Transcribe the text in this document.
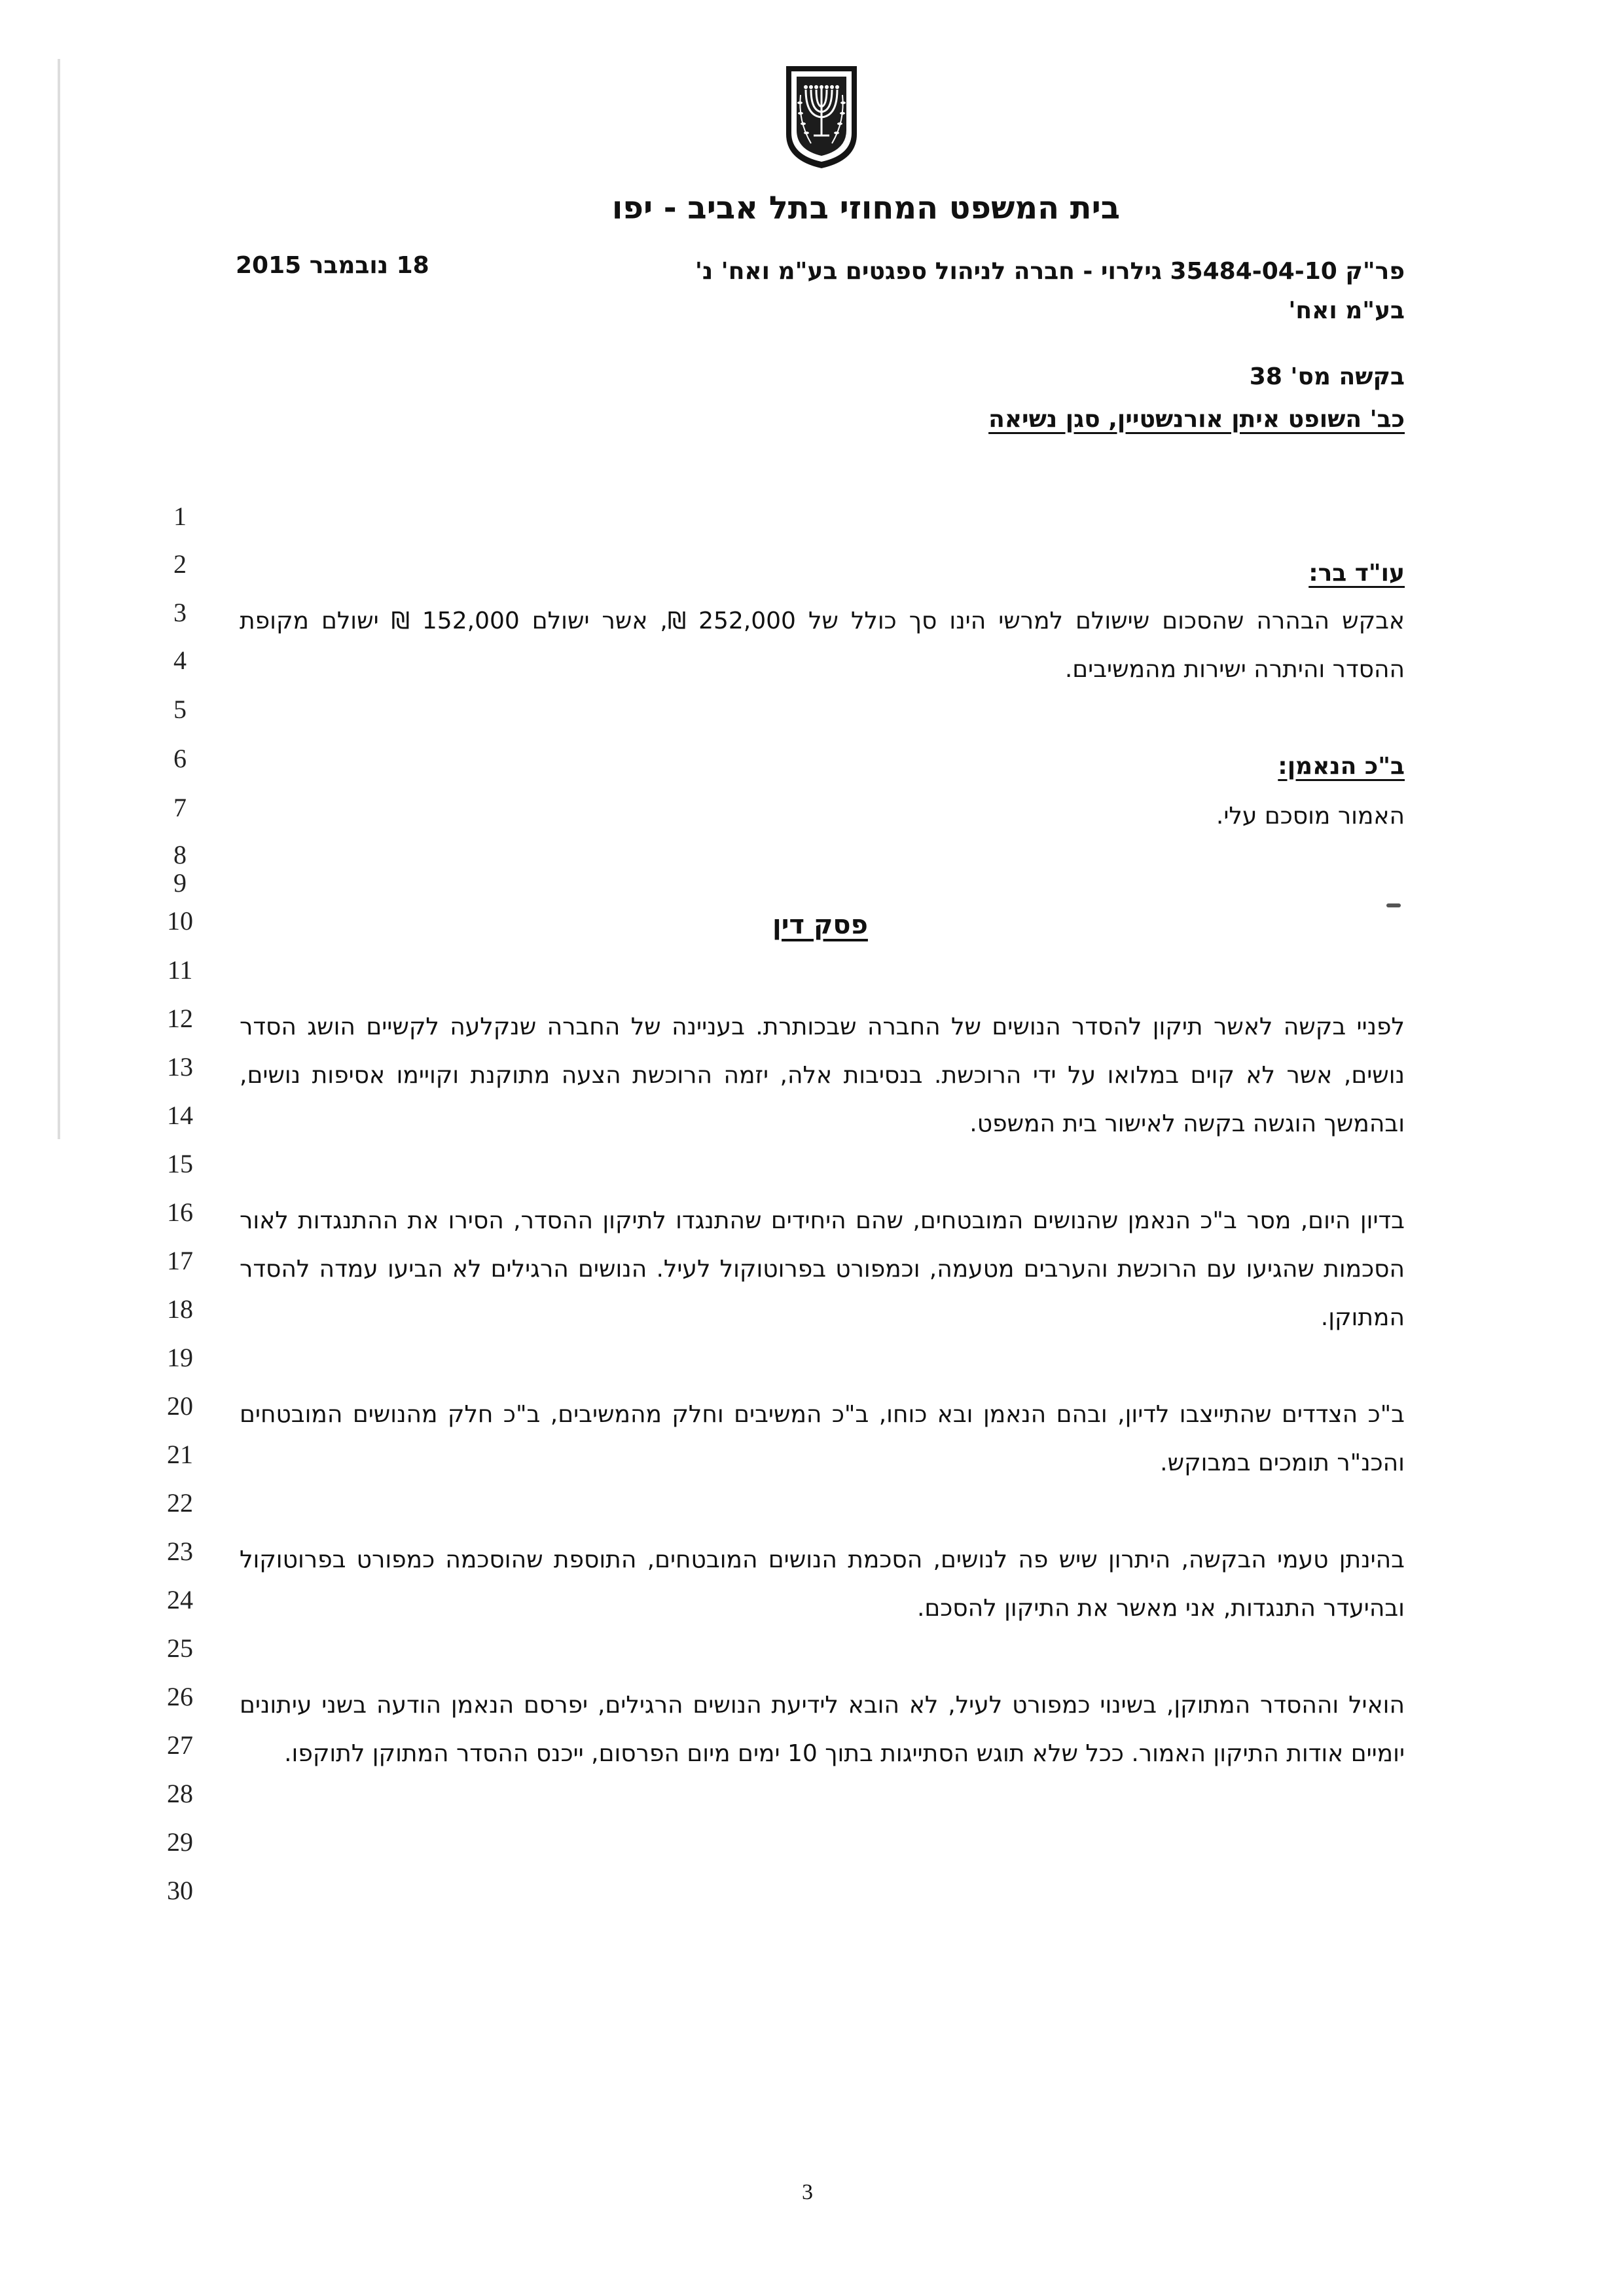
בית המשפט המחוזי בתל אביב - יפו
פר"ק 35484-04-10 גילרוי - חברה לניהול ספגטים בע"מ ואח' נ'
בע"מ ואח'
18 נובמבר 2015
בקשה מס' 38
כב' השופט איתן אורנשטיין, סגן נשיאה
1
2
3
4
5
6
7
8
9
10
11
12
13
14
15
16
17
18
19
20
21
22
23
24
25
26
27
28
29
30
עו"ד בר:
אבקש הבהרה שהסכום שישולם למרשי הינו סך כולל של 252,000 ₪, אשר ישולם 152,000 ₪ ישולם מקופת ההסדר והיתרה ישירות מהמשיבים.
ב"כ הנאמן:
האמור מוסכם עלי.
פסק דין
לפניי בקשה לאשר תיקון להסדר הנושים של החברה שבכותרת. בעניינה של החברה שנקלעה לקשיים הושג הסדר נושים, אשר לא קוים במלואו על ידי הרוכשת. בנסיבות אלה, יזמה הרוכשת הצעה מתוקנת וקויימו אסיפות נושים, ובהמשך הוגשה בקשה לאישור בית המשפט.
בדיון היום, מסר ב"כ הנאמן שהנושים המובטחים, שהם היחידים שהתנגדו לתיקון ההסדר, הסירו את ההתנגדות לאור הסכמות שהגיעו עם הרוכשת והערבים מטעמה, וכמפורט בפרוטוקול לעיל. הנושים הרגילים לא הביעו עמדה להסדר המתוקן.
ב"כ הצדדים שהתייצבו לדיון, ובהם הנאמן ובא כוחו, ב"כ המשיבים וחלק מהמשיבים, ב"כ חלק מהנושים המובטחים והכנ"ר תומכים במבוקש.
בהינתן טעמי הבקשה, היתרון שיש פה לנושים, הסכמת הנושים המובטחים, התוספת שהוסכמה כמפורט בפרוטוקול ובהיעדר התנגדות, אני מאשר את התיקון להסכם.
הואיל וההסדר המתוקן, בשינוי כמפורט לעיל, לא הובא לידיעת הנושים הרגילים, יפרסם הנאמן הודעה בשני עיתונים יומיים אודות התיקון האמור. ככל שלא תוגש הסתייגות בתוך 10 ימים מיום הפרסום, ייכנס ההסדר המתוקן לתוקפו.
3
